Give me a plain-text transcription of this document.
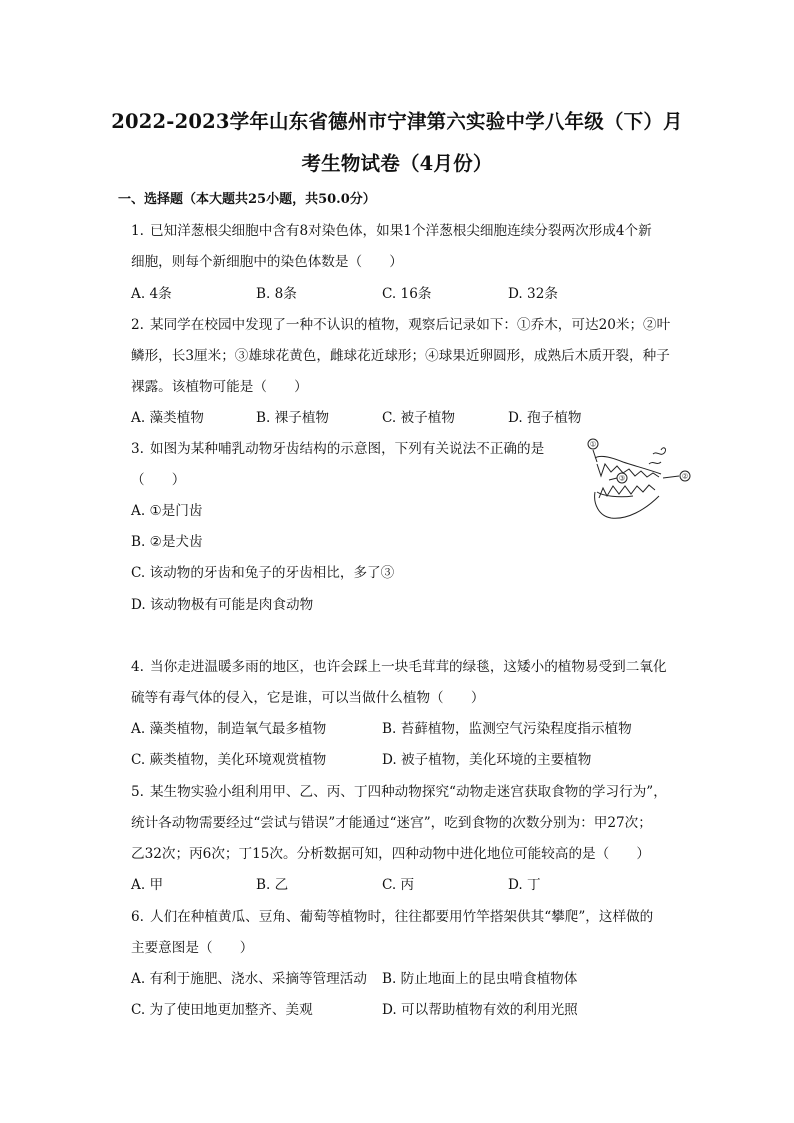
2022-2023学年山东省德州市宁津第六实验中学八年级（下）月
考生物试卷（4月份）
一、选择题（本大题共25小题，共50.0分）
1. 已知洋葱根尖细胞中含有8对染色体，如果1个洋葱根尖细胞连续分裂两次形成4个新
细胞，则每个新细胞中的染色体数是（　　）
A. 4条	B. 8条	C. 16条	D. 32条
2. 某同学在校园中发现了一种不认识的植物，观察后记录如下：①乔木，可达20米；②叶
鳞形，长3厘米；③雄球花黄色，雌球花近球形；④球果近卵圆形，成熟后木质开裂，种子
裸露。该植物可能是（　　）
A. 藻类植物	B. 裸子植物	C. 被子植物	D. 孢子植物
3. 如图为某种哺乳动物牙齿结构的示意图，下列有关说法不正确的是
（　　）
A. ①是门齿
B. ②是犬齿
C. 该动物的牙齿和兔子的牙齿相比，多了③
D. 该动物极有可能是肉食动物
①
②
③
4. 当你走进温暖多雨的地区，也许会踩上一块毛茸茸的绿毯，这矮小的植物易受到二氧化
硫等有毒气体的侵入，它是谁，可以当做什么植物（　　）
A. 藻类植物，制造氧气最多植物	B. 苔藓植物，监测空气污染程度指示植物
C. 蕨类植物，美化环境观赏植物	D. 被子植物，美化环境的主要植物
5. 某生物实验小组利用甲、乙、丙、丁四种动物探究“动物走迷宫获取食物的学习行为”，
统计各动物需要经过“尝试与错误”才能通过“迷宫”，吃到食物的次数分别为：甲27次；
乙32次；丙6次；丁15次。分析数据可知，四种动物中进化地位可能较高的是（　　）
A. 甲	B. 乙	C. 丙	D. 丁
6. 人们在种植黄瓜、豆角、葡萄等植物时，往往都要用竹竿搭架供其“攀爬”，这样做的
主要意图是（　　）
A. 有利于施肥、浇水、采摘等管理活动 B. 防止地面上的昆虫啃食植物体
C. 为了使田地更加整齐、美观	D. 可以帮助植物有效的利用光照
